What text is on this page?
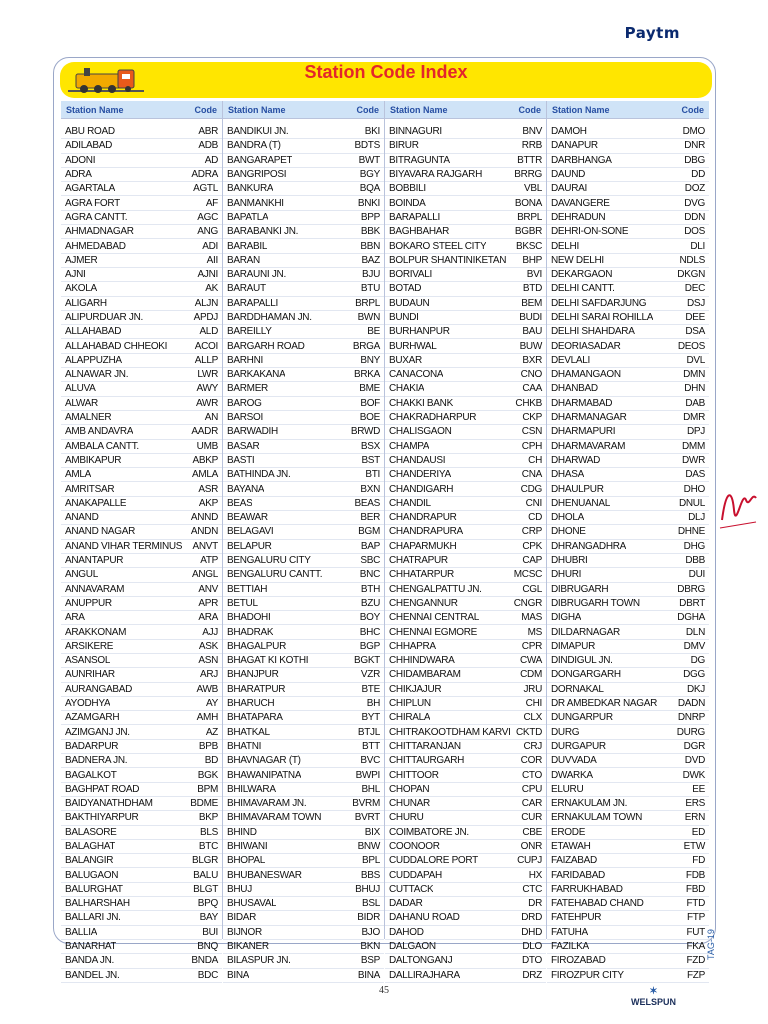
Paytm
Station Code Index
Station Name	Code
ABU ROAD	ABR
ADILABAD	ADB
ADONI	AD
ADRA	ADRA
AGARTALA	AGTL
AGRA FORT	AF
AGRA CANTT.	AGC
AHMADNAGAR	ANG
AHMEDABAD	ADI
AJMER	AII
AJNI	AJNI
AKOLA	AK
ALIGARH	ALJN
ALIPURDUAR JN.	APDJ
ALLAHABAD	ALD
ALLAHABAD CHHEOKI	ACOI
ALAPPUZHA	ALLP
ALNAWAR JN.	LWR
ALUVA	AWY
ALWAR	AWR
AMALNER	AN
AMB ANDAVRA	AADR
AMBALA CANTT.	UMB
AMBIKAPUR	ABKP
AMLA	AMLA
AMRITSAR	ASR
ANAKAPALLE	AKP
ANAND	ANND
ANAND NAGAR	ANDN
ANAND VIHAR TERMINUS	ANVT
ANANTAPUR	ATP
ANGUL	ANGL
ANNAVARAM	ANV
ANUPPUR	APR
ARA	ARA
ARAKKONAM	AJJ
ARSIKERE	ASK
ASANSOL	ASN
AUNRIHAR	ARJ
AURANGABAD	AWB
AYODHYA	AY
AZAMGARH	AMH
AZIMGANJ JN.	AZ
BADARPUR	BPB
BADNERA JN.	BD
BAGALKOT	BGK
BAGHPAT ROAD	BPM
BAIDYANATHDHAM	BDME
BAKTHIYARPUR	BKP
BALASORE	BLS
BALAGHAT	BTC
BALANGIR	BLGR
BALUGAON	BALU
BALURGHAT	BLGT
BALHARSHAH	BPQ
BALLARI JN.	BAY
BALLIA	BUI
BANARHAT	BNQ
BANDA JN.	BNDA
BANDEL JN.	BDC
Station Name	Code
BANDIKUI JN.	BKI
BANDRA (T)	BDTS
BANGARAPET	BWT
BANGRIPOSI	BGY
BANKURA	BQA
BANMANKHI	BNKI
BAPATLA	BPP
BARABANKI JN.	BBK
BARABIL	BBN
BARAN	BAZ
BARAUNI JN.	BJU
BARAUT	BTU
BARAPALLI	BRPL
BARDDHAMAN JN.	BWN
BAREILLY	BE
BARGARH ROAD	BRGA
BARHNI	BNY
BARKAKANA	BRKA
BARMER	BME
BAROG	BOF
BARSOI	BOE
BARWADIH	BRWD
BASAR	BSX
BASTI	BST
BATHINDA JN.	BTI
BAYANA	BXN
BEAS	BEAS
BEAWAR	BER
BELAGAVI	BGM
BELAPUR	BAP
BENGALURU CITY	SBC
BENGALURU CANTT.	BNC
BETTIAH	BTH
BETUL	BZU
BHADOHI	BOY
BHADRAK	BHC
BHAGALPUR	BGP
BHAGAT KI KOTHI	BGKT
BHANJPUR	VZR
BHARATPUR	BTE
BHARUCH	BH
BHATAPARA	BYT
BHATKAL	BTJL
BHATNI	BTT
BHAVNAGAR (T)	BVC
BHAWANIPATNA	BWPI
BHILWARA	BHL
BHIMAVARAM JN.	BVRM
BHIMAVARAM TOWN	BVRT
BHIND	BIX
BHIWANI	BNW
BHOPAL	BPL
BHUBANESWAR	BBS
BHUJ	BHUJ
BHUSAVAL	BSL
BIDAR	BIDR
BIJNOR	BJO
BIKANER	BKN
BILASPUR JN.	BSP
BINA	BINA
Station Name	Code
BINNAGURI	BNV
BIRUR	RRB
BITRAGUNTA	BTTR
BIYAVARA RAJGARH	BRRG
BOBBILI	VBL
BOINDA	BONA
BARAPALLI	BRPL
BAGHBAHAR	BGBR
BOKARO STEEL CITY	BKSC
BOLPUR SHANTINIKETAN	BHP
BORIVALI	BVI
BOTAD	BTD
BUDAUN	BEM
BUNDI	BUDI
BURHANPUR	BAU
BURHWAL	BUW
BUXAR	BXR
CANACONA	CNO
CHAKIA	CAA
CHAKKI BANK	CHKB
CHAKRADHARPUR	CKP
CHALISGAON	CSN
CHAMPA	CPH
CHANDAUSI	CH
CHANDERIYA	CNA
CHANDIGARH	CDG
CHANDIL	CNI
CHANDRAPUR	CD
CHANDRAPURA	CRP
CHAPARMUKH	CPK
CHATRAPUR	CAP
CHHATARPUR	MCSC
CHENGALPATTU JN.	CGL
CHENGANNUR	CNGR
CHENNAI CENTRAL	MAS
CHENNAI EGMORE	MS
CHHAPRA	CPR
CHHINDWARA	CWA
CHIDAMBARAM	CDM
CHIKJAJUR	JRU
CHIPLUN	CHI
CHIRALA	CLX
CHITRAKOOTDHAM KARVI CKTD
CHITTARANJAN	CRJ
CHITTAURGARH	COR
CHITTOOR	CTO
CHOPAN	CPU
CHUNAR	CAR
CHURU	CUR
COIMBATORE JN.	CBE
COONOOR	ONR
CUDDALORE PORT	CUPJ
CUDDAPAH	HX
CUTTACK	CTC
DADAR	DR
DAHANU ROAD	DRD
DAHOD	DHD
DALGAON	DLO
DALTONGANJ	DTO
DALLIRAJHARA	DRZ
Station Name	Code
DAMOH	DMO
DANAPUR	DNR
DARBHANGA	DBG
DAUND	DD
DAURAI	DOZ
DAVANGERE	DVG
DEHRADUN	DDN
DEHRI-ON-SONE	DOS
DELHI	DLI
NEW DELHI	NDLS
DEKARGAON	DKGN
DELHI CANTT.	DEC
DELHI SAFDARJUNG	DSJ
DELHI SARAI ROHILLA	DEE
DELHI SHAHDARA	DSA
DEORIASADAR	DEOS
DEVLALI	DVL
DHAMANGAON	DMN
DHANBAD	DHN
DHARMABAD	DAB
DHARMANAGAR	DMR
DHARMAPURI	DPJ
DHARMAVARAM	DMM
DHARWAD	DWR
DHASA	DAS
DHAULPUR	DHO
DHENUANAL	DNUL
DHOLA	DLJ
DHONE	DHNE
DHRANGADHRA	DHG
DHUBRI	DBB
DHURI	DUI
DIBRUGARH	DBRG
DIBRUGARH TOWN	DBRT
DIGHA	DGHA
DILDARNAGAR	DLN
DIMAPUR	DMV
DINDIGUL JN.	DG
DONGARGARH	DGG
DORNAKAL	DKJ
DR AMBEDKAR NAGAR	DADN
DUNGARPUR	DNRP
DURG	DURG
DURGAPUR	DGR
DUVVADA	DVD
DWARKA	DWK
ELURU	EE
ERNAKULAM JN.	ERS
ERNAKULAM TOWN	ERN
ERODE	ED
ETAWAH	ETW
FAIZABAD	FD
FARIDABAD	FDB
FARRUKHABAD	FBD
FATEHABAD CHAND	FTD
FATEHPUR	FTP
FATUHA	FUT
FAZILKA	FKA
FIROZABAD	FZD
FIROZPUR CITY	FZP
TAG-19
45	✶
WELSPUN
